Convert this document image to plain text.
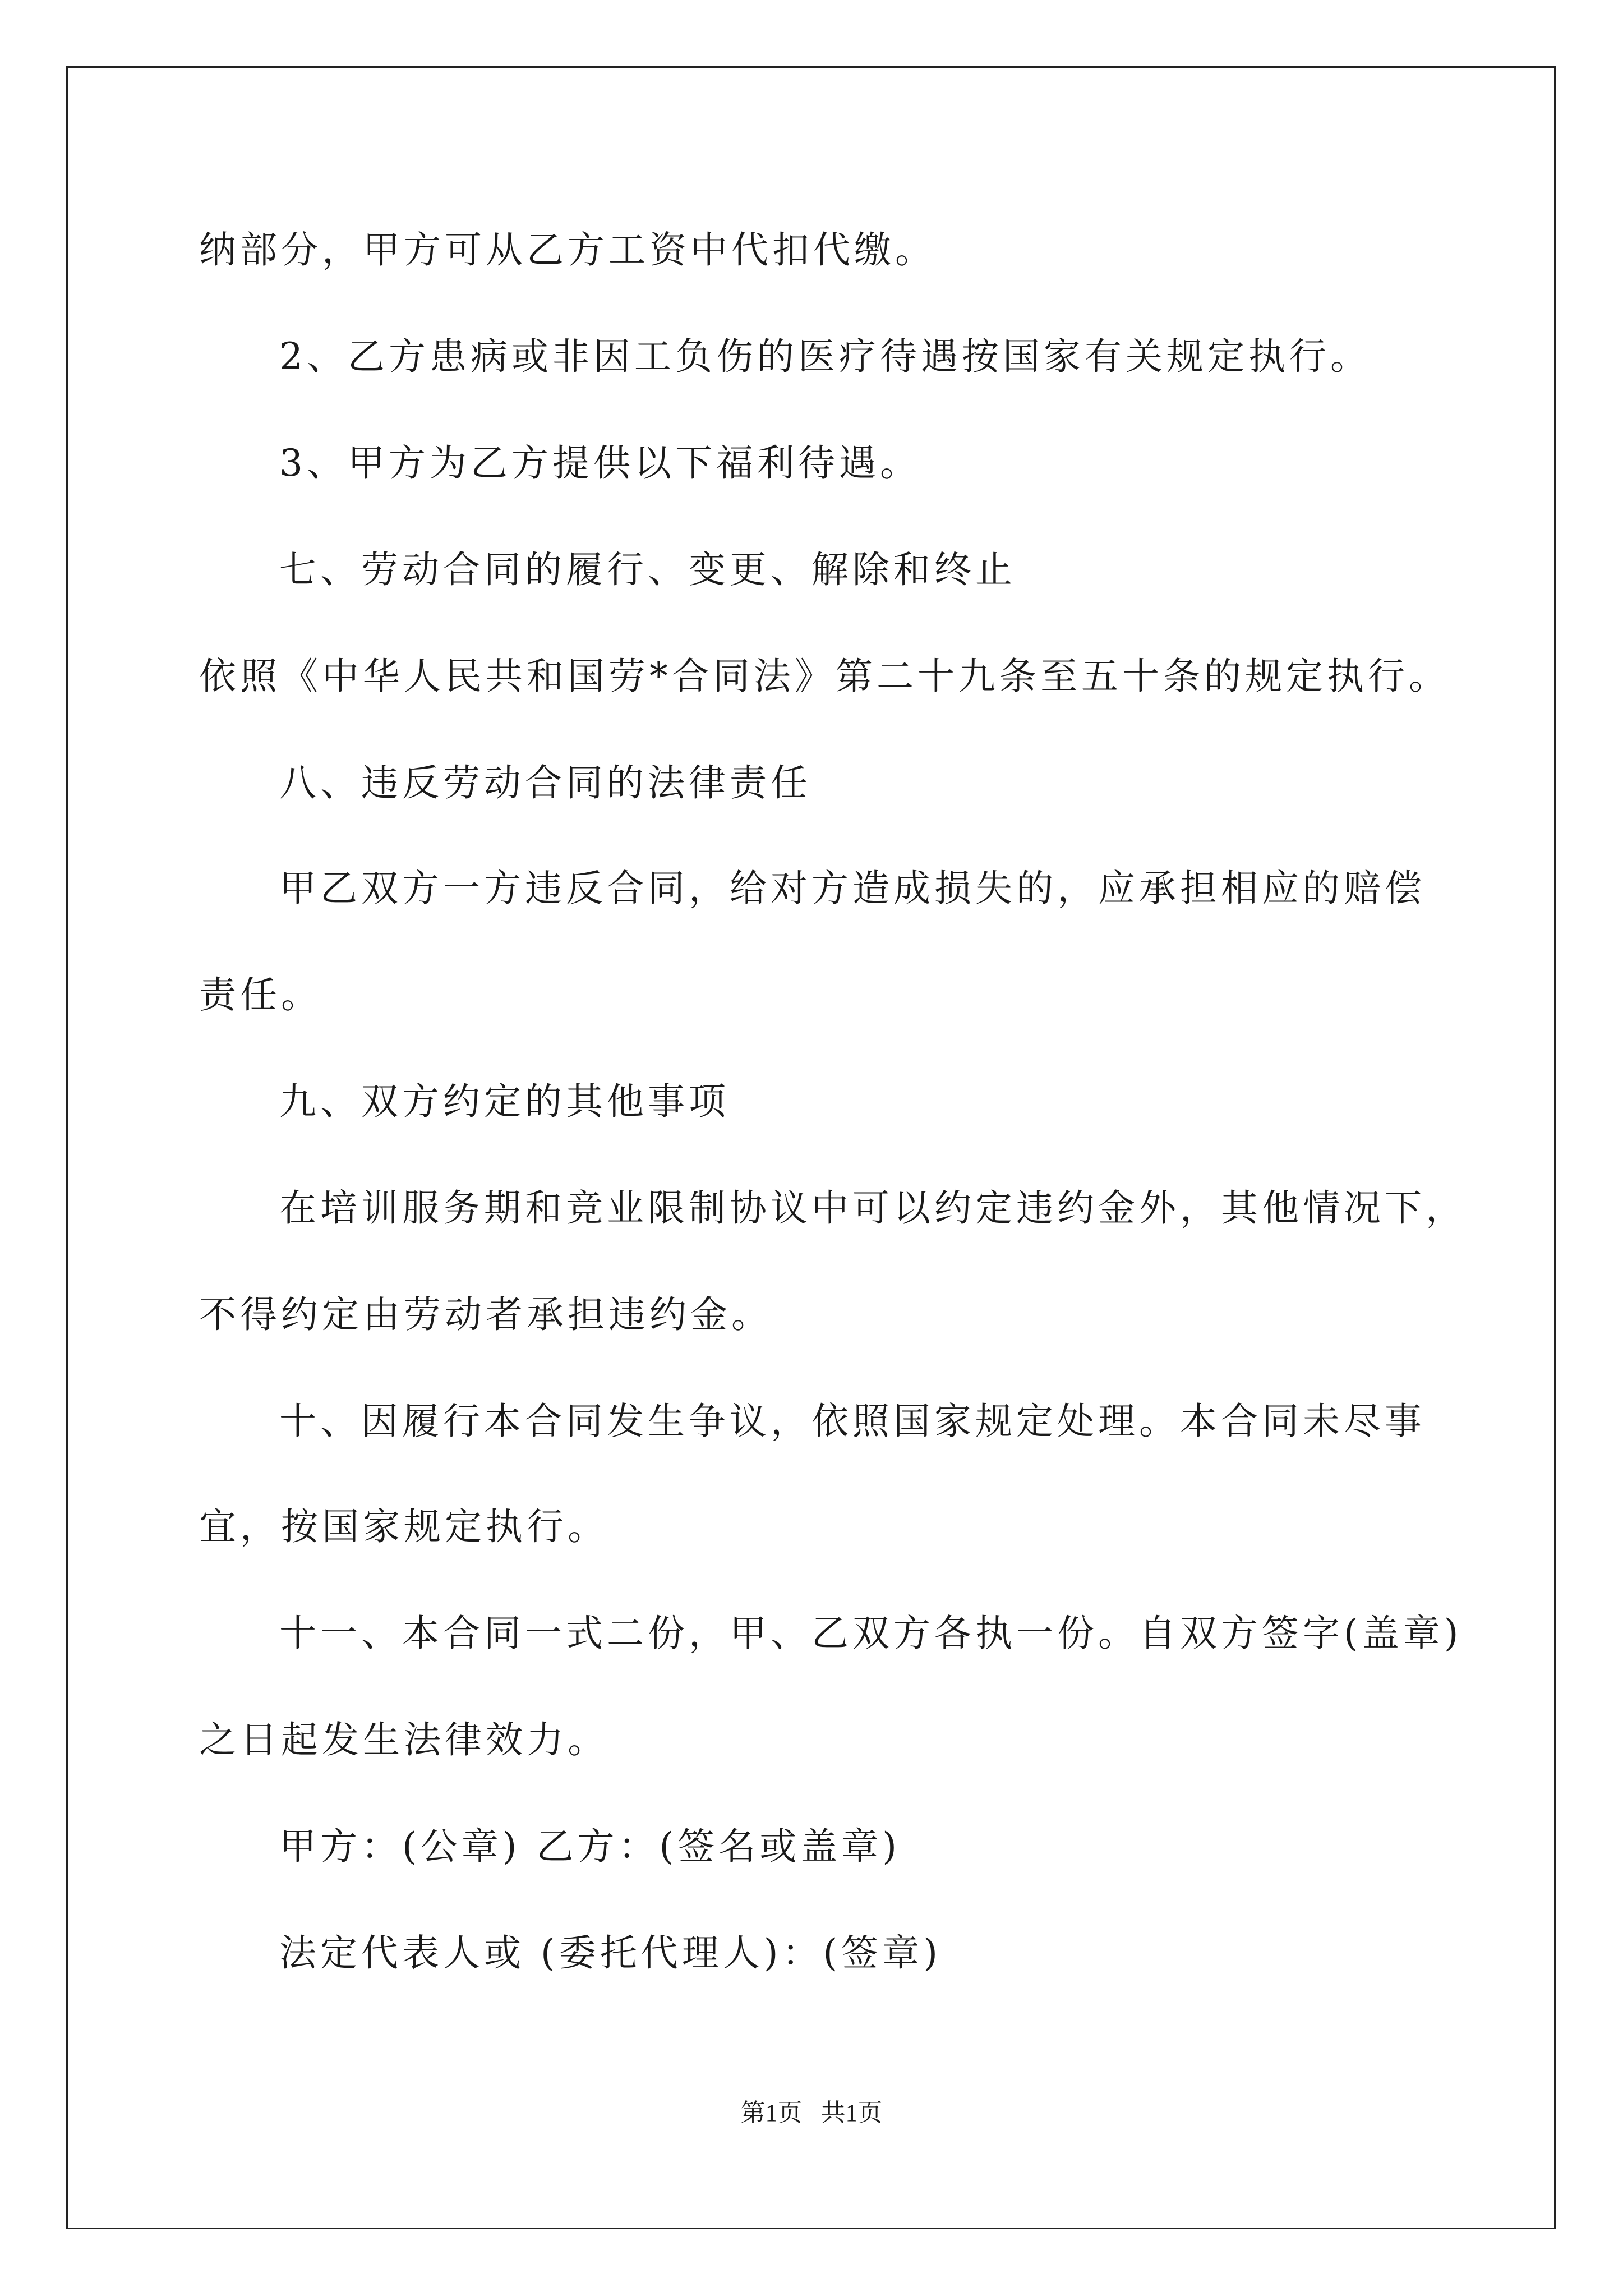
纳部分，甲方可从乙方工资中代扣代缴。

2、乙方患病或非因工负伤的医疗待遇按国家有关规定执行。

3、甲方为乙方提供以下福利待遇。

七、劳动合同的履行、变更、解除和终止

依照《中华人民共和国劳*合同法》第二十九条至五十条的规定执行。

八、违反劳动合同的法律责任

甲乙双方一方违反合同，给对方造成损失的，应承担相应的赔偿

责任。

九、双方约定的其他事项

在培训服务期和竞业限制协议中可以约定违约金外，其他情况下，

不得约定由劳动者承担违约金。

十、因履行本合同发生争议，依照国家规定处理。本合同未尽事

宜，按国家规定执行。

十一、本合同一式二份，甲、乙双方各执一份。自双方签字(盖章)

之日起发生法律效力。

甲方：(公章) 乙方：(签名或盖章)

法定代表人或 (委托代理人)：(签章)

第1页   共1页
